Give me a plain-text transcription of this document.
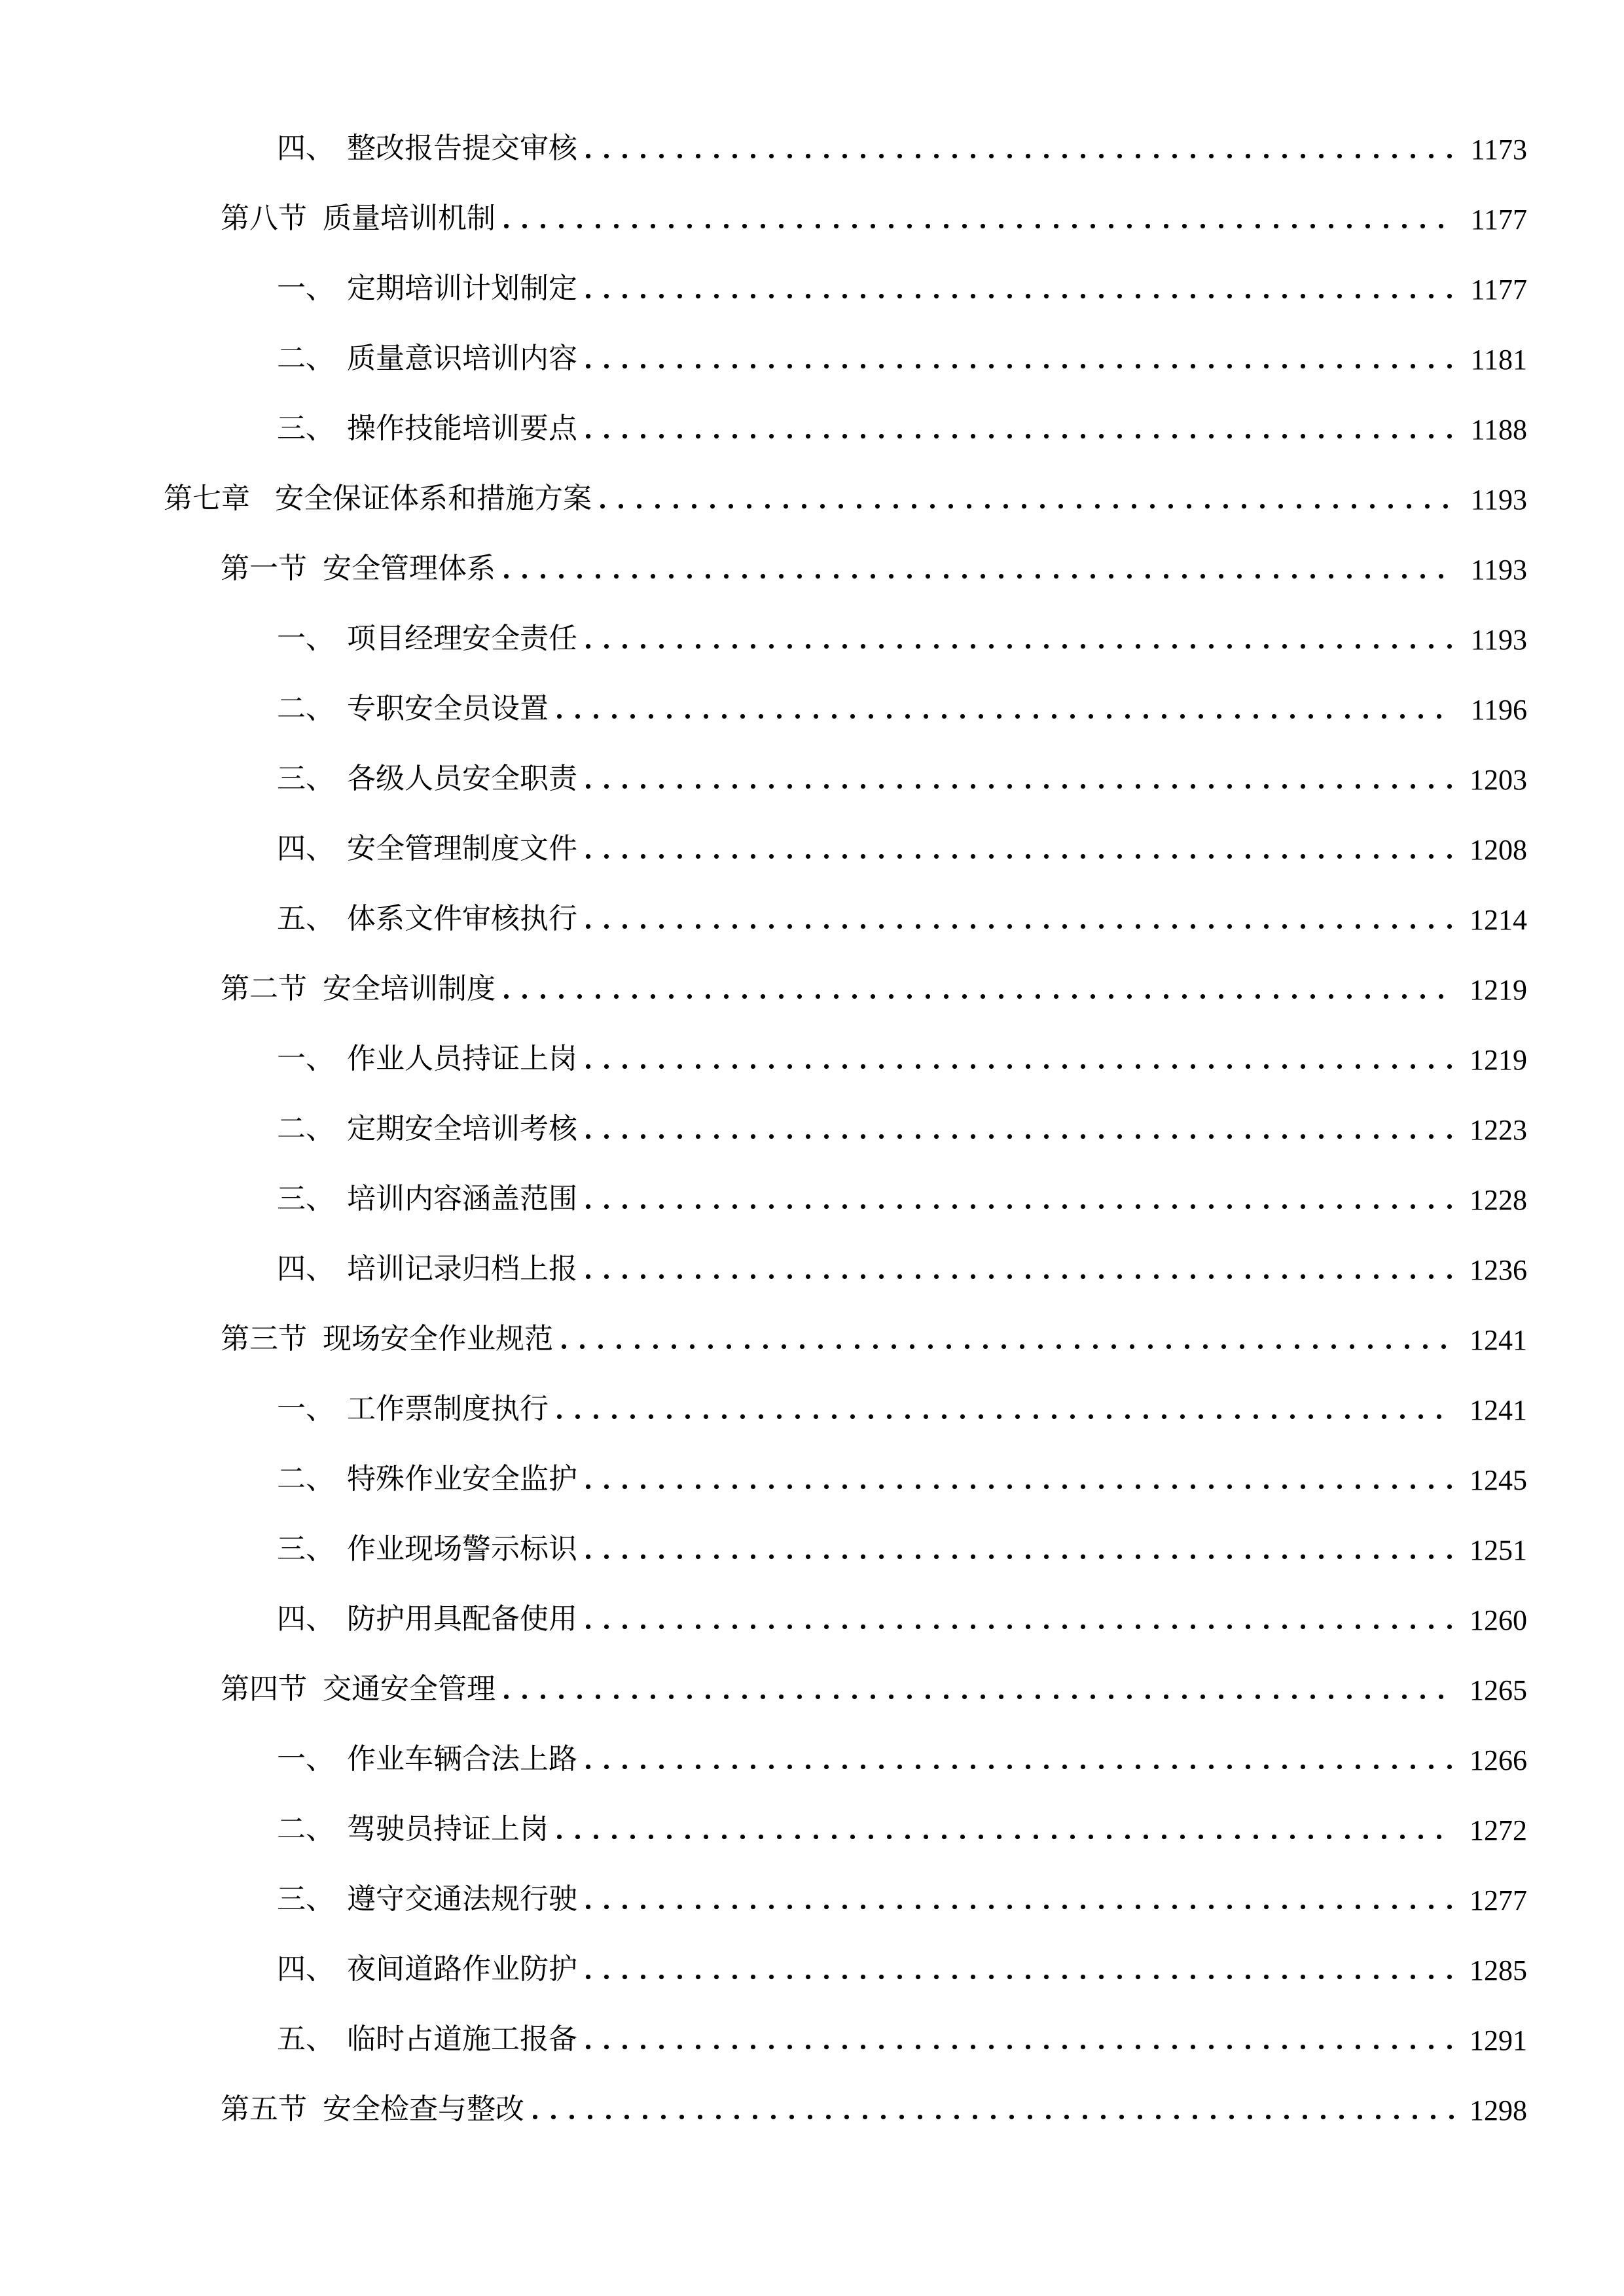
四、 整改报告提交审核	1173
第八节 质量培训机制	1177
一、 定期培训计划制定	1177
二、 质量意识培训内容	1181
三、 操作技能培训要点	1188
第七章 安全保证体系和措施方案	1193
第一节 安全管理体系	1193
一、 项目经理安全责任	1193
二、 专职安全员设置	1196
三、 各级人员安全职责	1203
四、 安全管理制度文件	1208
五、 体系文件审核执行	1214
第二节 安全培训制度	1219
一、 作业人员持证上岗	1219
二、 定期安全培训考核	1223
三、 培训内容涵盖范围	1228
四、 培训记录归档上报	1236
第三节 现场安全作业规范	1241
一、 工作票制度执行	1241
二、 特殊作业安全监护	1245
三、 作业现场警示标识	1251
四、 防护用具配备使用	1260
第四节 交通安全管理	1265
一、 作业车辆合法上路	1266
二、 驾驶员持证上岗	1272
三、 遵守交通法规行驶	1277
四、 夜间道路作业防护	1285
五、 临时占道施工报备	1291
第五节 安全检查与整改	1298
